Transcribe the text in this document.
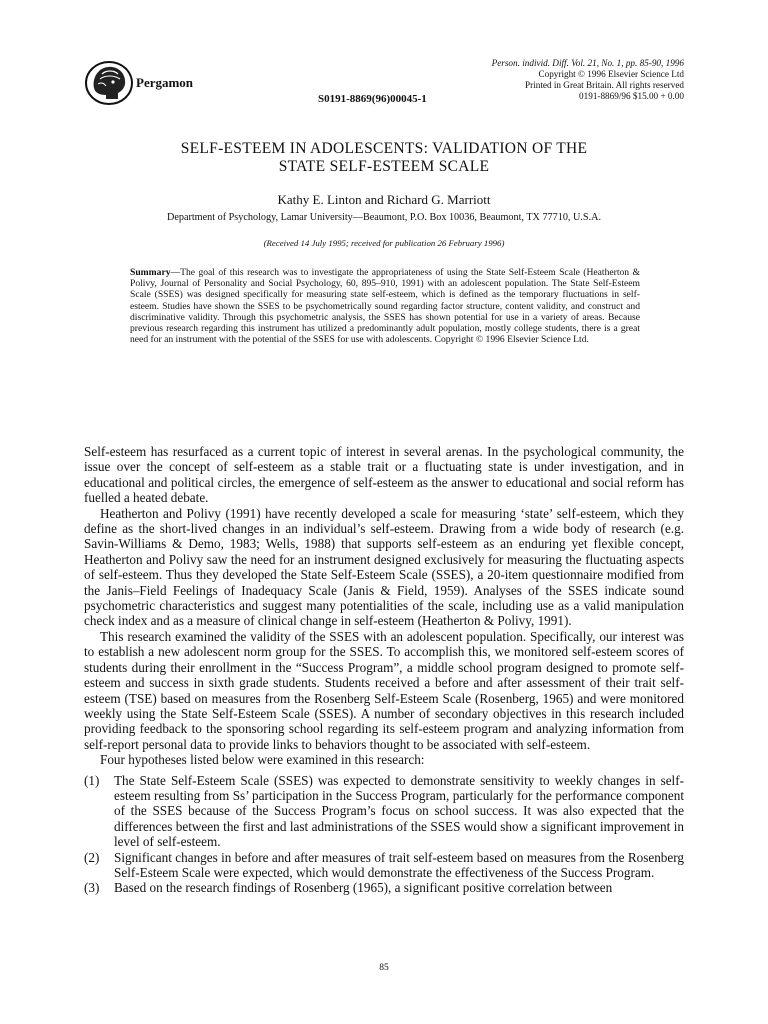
Pergamon
S0191-8869(96)00045-1
Person. individ. Diff. Vol. 21, No. 1, pp. 85-90, 1996
Copyright © 1996 Elsevier Science Ltd
Printed in Great Britain. All rights reserved
0191-8869/96 $15.00 + 0.00
SELF-ESTEEM IN ADOLESCENTS: VALIDATION OF THE
STATE SELF-ESTEEM SCALE
Kathy E. Linton and Richard G. Marriott
Department of Psychology, Lamar University—Beaumont, P.O. Box 10036, Beaumont, TX 77710, U.S.A.
(Received 14 July 1995; received for publication 26 February 1996)
Summary—The goal of this research was to investigate the appropriateness of using the State Self-Esteem Scale (Heatherton & Polivy, Journal of Personality and Social Psychology, 60, 895–910, 1991) with an adolescent population. The State Self-Esteem Scale (SSES) was designed specifically for measuring state self-esteem, which is defined as the temporary fluctuations in self-esteem. Studies have shown the SSES to be psychometrically sound regarding factor structure, content validity, and construct and discriminative validity. Through this psychometric analysis, the SSES has shown potential for use in a variety of areas. Because previous research regarding this instrument has utilized a predominantly adult population, mostly college students, there is a great need for an instrument with the potential of the SSES for use with adolescents. Copyright © 1996 Elsevier Science Ltd.

Self-esteem has resurfaced as a current topic of interest in several arenas. In the psychological community, the issue over the concept of self-esteem as a stable trait or a fluctuating state is under investigation, and in educational and political circles, the emergence of self-esteem as the answer to educational and social reform has fuelled a heated debate.

Heatherton and Polivy (1991) have recently developed a scale for measuring ‘state’ self-esteem, which they define as the short-lived changes in an individual’s self-esteem. Drawing from a wide body of research (e.g. Savin-Williams & Demo, 1983; Wells, 1988) that supports self-esteem as an enduring yet flexible concept, Heatherton and Polivy saw the need for an instrument designed exclusively for measuring the fluctuating aspects of self-esteem. Thus they developed the State Self-Esteem Scale (SSES), a 20-item questionnaire modified from the Janis–Field Feelings of Inadequacy Scale (Janis & Field, 1959). Analyses of the SSES indicate sound psychometric characteristics and suggest many potentialities of the scale, including use as a valid manipulation check index and as a measure of clinical change in self-esteem (Heatherton & Polivy, 1991).

This research examined the validity of the SSES with an adolescent population. Specifically, our interest was to establish a new adolescent norm group for the SSES. To accomplish this, we monitored self-esteem scores of students during their enrollment in the “Success Program”, a middle school program designed to promote self-esteem and success in sixth grade students. Students received a before and after assessment of their trait self-esteem (TSE) based on measures from the Rosenberg Self-Esteem Scale (Rosenberg, 1965) and were monitored weekly using the State Self-Esteem Scale (SSES). A number of secondary objectives in this research included providing feedback to the sponsoring school regarding its self-esteem program and analyzing information from self-report personal data to provide links to behaviors thought to be associated with self-esteem.

Four hypotheses listed below were examined in this research:

(1) The State Self-Esteem Scale (SSES) was expected to demonstrate sensitivity to weekly changes in self-esteem resulting from Ss’ participation in the Success Program, particularly for the performance component of the SSES because of the Success Program’s focus on school success. It was also expected that the differences between the first and last administrations of the SSES would show a significant improvement in level of self-esteem.

(2) Significant changes in before and after measures of trait self-esteem based on measures from the Rosenberg Self-Esteem Scale were expected, which would demonstrate the effectiveness of the Success Program.

(3) Based on the research findings of Rosenberg (1965), a significant positive correlation between

85
